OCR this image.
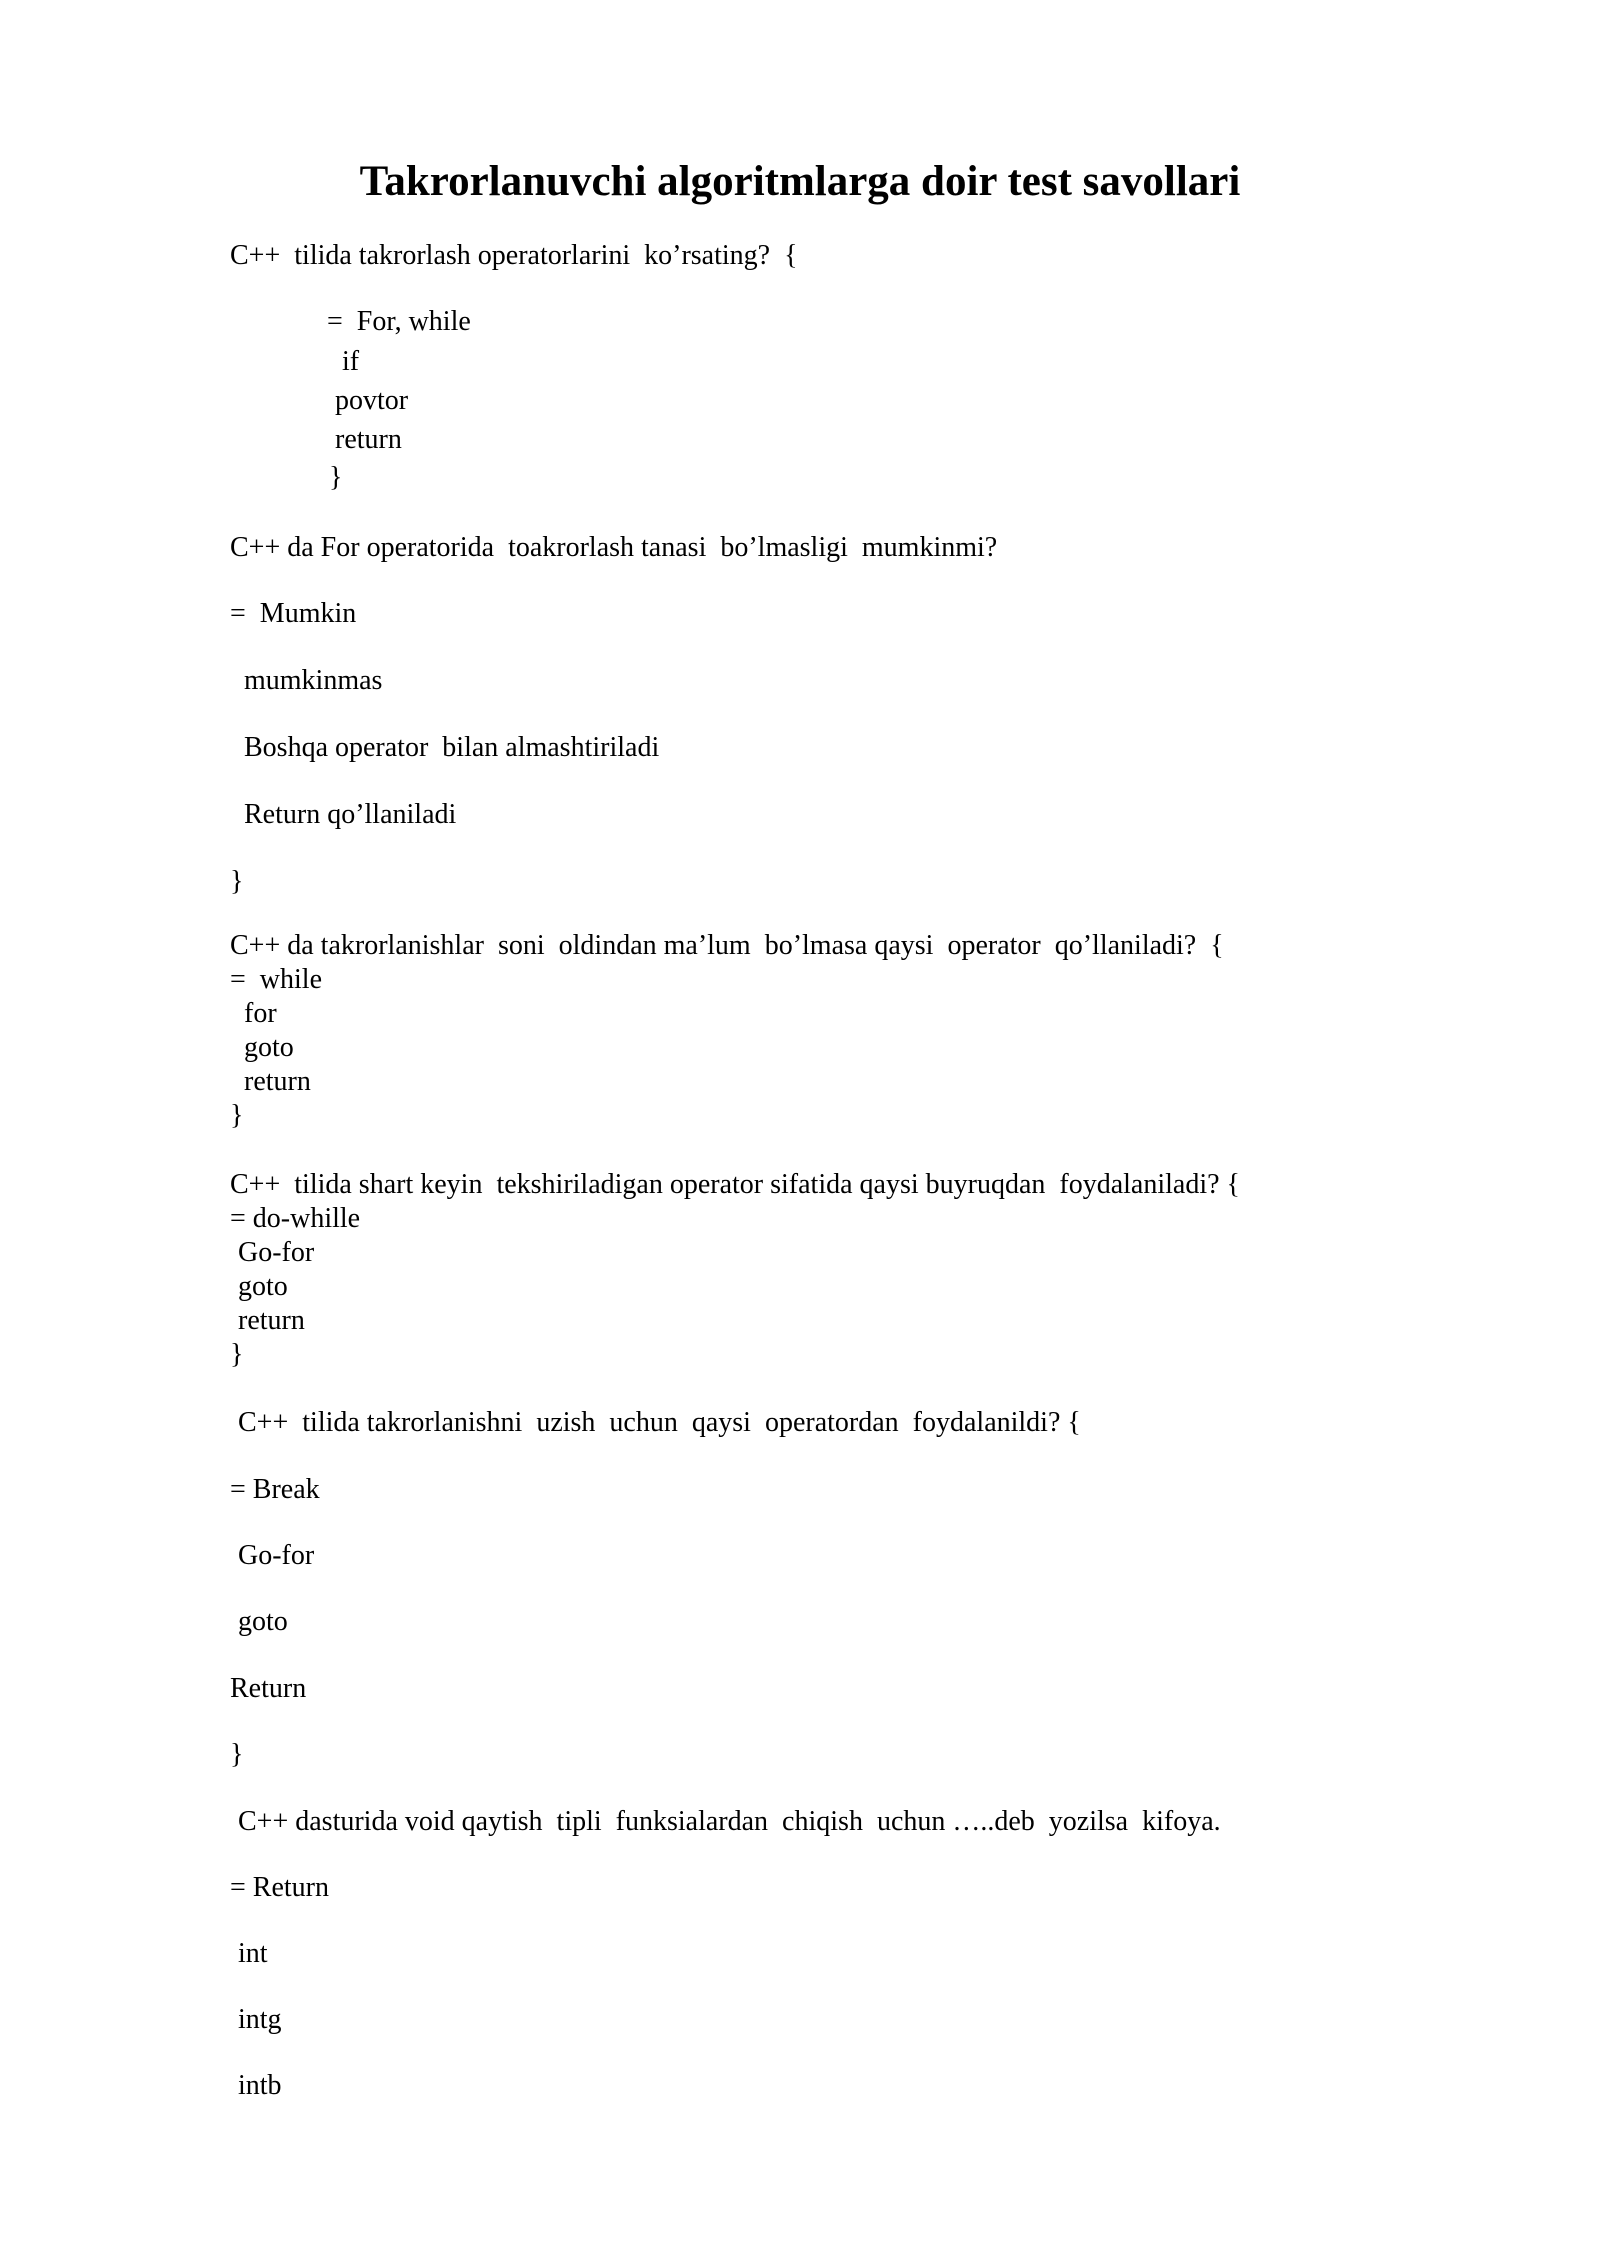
Takrorlanuvchi algoritmlarga doir test savollari
C++  tilida takrorlash operatorlarini  ko’rsating?  {
=  For, while
if
povtor
return
}
C++ da For operatorida  toakrorlash tanasi  bo’lmasligi  mumkinmi?
=  Mumkin
mumkinmas
Boshqa operator  bilan almashtiriladi
Return qo’llaniladi
}
C++ da takrorlanishlar  soni  oldindan ma’lum  bo’lmasa qaysi  operator  qo’llaniladi?  {
=  while
for
goto
return
}
C++  tilida shart keyin  tekshiriladigan operator sifatida qaysi buyruqdan  foydalaniladi? {
= do-whille
Go-for
goto
return
}
C++  tilida takrorlanishni  uzish  uchun  qaysi  operatordan  foydalanildi? {
= Break
Go-for
goto
Return
}
C++ dasturida void qaytish  tipli  funksialardan  chiqish  uchun …..deb  yozilsa  kifoya.
= Return
int
intg
intb
